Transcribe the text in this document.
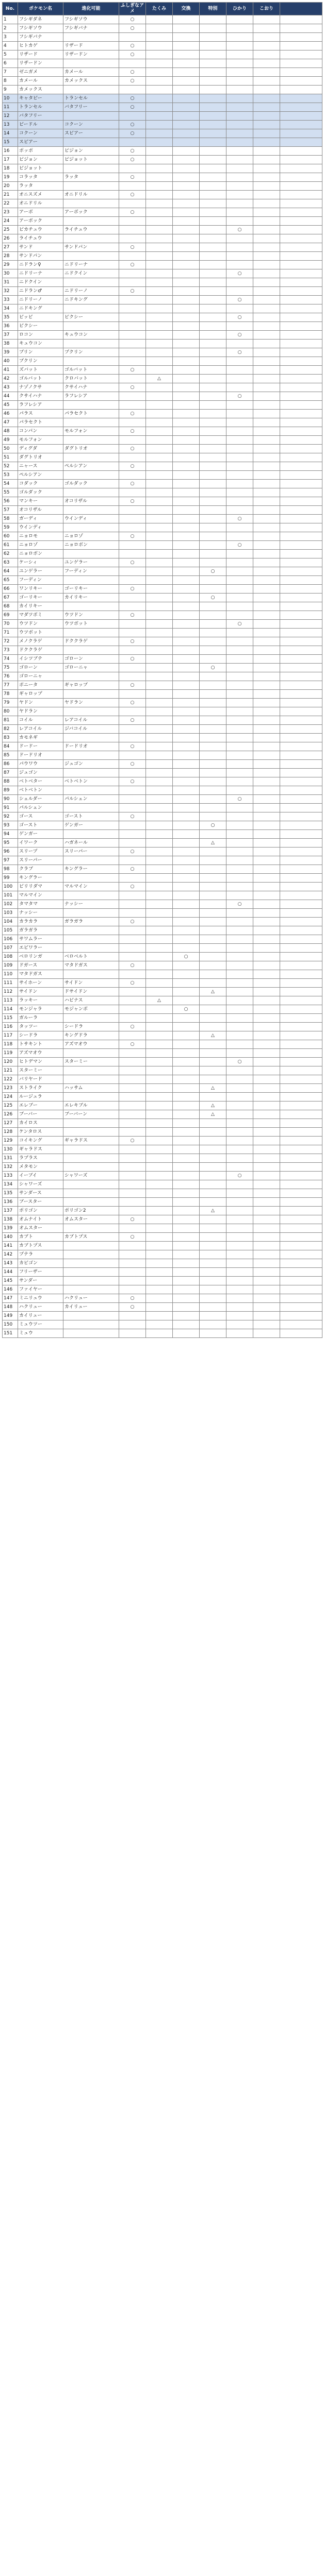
No.	ポケモン名	進化可能	ふしぎなアメ	たくみ	交換	特別	ひかり	こおり	
1	フシギダネ	フシギソウ	○						
2	フシギソウ	フシギバナ	○						
3	フシギバナ								
4	ヒトカゲ	リザード	○						
5	リザード	リザードン	○						
6	リザードン								
7	ゼニガメ	カメール	○						
8	カメール	カメックス	○						
9	カメックス								
10	キャタピー	トランセル	○						
11	トランセル	バタフリー	○						
12	バタフリー								
13	ビードル	コクーン	○						
14	コクーン	スピアー	○						
15	スピアー								
16	ポッポ	ピジョン	○						
17	ピジョン	ピジョット	○						
18	ピジョット								
19	コラッタ	ラッタ	○						
20	ラッタ								
21	オニスズメ	オニドリル	○						
22	オニドリル								
23	アーボ	アーボック	○						
24	アーボック								
25	ピカチュウ	ライチュウ					○		
26	ライチュウ								
27	サンド	サンドパン	○						
28	サンドパン								
29	ニドラン♀	ニドリーナ	○						
30	ニドリーナ	ニドクイン					○		
31	ニドクイン								
32	ニドラン♂	ニドリーノ	○						
33	ニドリーノ	ニドキング					○		
34	ニドキング								
35	ピッピ	ピクシー					○		
36	ピクシー								
37	ロコン	キュウコン					○		
38	キュウコン								
39	プリン	プクリン					○		
40	プクリン								
41	ズバット	ゴルバット	○						
42	ゴルバット	クロバット		△					
43	ナゾノクサ	クサイハナ	○						
44	クサイハナ	ラフレシア					○		
45	ラフレシア								
46	パラス	パラセクト	○						
47	パラセクト								
48	コンパン	モルフォン	○						
49	モルフォン								
50	ディグダ	ダグトリオ	○						
51	ダグトリオ								
52	ニャース	ペルシアン	○						
53	ペルシアン								
54	コダック	ゴルダック	○						
55	ゴルダック								
56	マンキー	オコリザル	○						
57	オコリザル								
58	ガーディ	ウインディ					○		
59	ウインディ								
60	ニョロモ	ニョロゾ	○						
61	ニョロゾ	ニョロボン					○		
62	ニョロボン								
63	ケーシィ	ユンゲラー	○						
64	ユンゲラー	フーディン				○			
65	フーディン								
66	ワンリキー	ゴーリキー	○						
67	ゴーリキー	カイリキー				○			
68	カイリキー								
69	マダツボミ	ウツドン	○						
70	ウツドン	ウツボット					○		
71	ウツボット								
72	メノクラゲ	ドククラゲ	○						
73	ドククラゲ								
74	イシツブテ	ゴローン	○						
75	ゴローン	ゴローニャ				○			
76	ゴローニャ								
77	ポニータ	ギャロップ	○						
78	ギャロップ								
79	ヤドン	ヤドラン	○						
80	ヤドラン								
81	コイル	レアコイル	○						
82	レアコイル	ジバコイル							
83	カモネギ								
84	ドードー	ドードリオ	○						
85	ドードリオ								
86	パウワウ	ジュゴン	○						
87	ジュゴン								
88	ベトベター	ベトベトン	○						
89	ベトベトン								
90	シェルダー	パルシェン					○		
91	パルシェン								
92	ゴース	ゴースト	○						
93	ゴースト	ゲンガー				○			
94	ゲンガー								
95	イワーク	ハガネール				△			
96	スリープ	スリーパー	○						
97	スリーパー								
98	クラブ	キングラー	○						
99	キングラー								
100	ビリリダマ	マルマイン	○						
101	マルマイン								
102	タマタマ	ナッシー					○		
103	ナッシー								
104	カラカラ	ガラガラ	○						
105	ガラガラ								
106	サワムラー								
107	エビワラー								
108	ベロリンガ	ベロベルト			○				
109	ドガース	マタドガス	○						
110	マタドガス								
111	サイホーン	サイドン	○						
112	サイドン	ドサイドン				△			
113	ラッキー	ハピナス		△					
114	モンジャラ	モジャンボ			○				
115	ガルーラ								
116	タッツー	シードラ	○						
117	シードラ	キングドラ				△			
118	トサキント	アズマオウ	○						
119	アズマオウ								
120	ヒトデマン	スターミー					○		
121	スターミー								
122	バリヤード								
123	ストライク	ハッサム				△			
124	ルージュラ								
125	エレブー	エレキブル				△			
126	ブーバー	ブーバーン				△			
127	カイロス								
128	ケンタロス								
129	コイキング	ギャラドス	○						
130	ギャラドス								
131	ラプラス								
132	メタモン								
133	イーブイ	シャワーズ					○		
134	シャワーズ								
135	サンダース								
136	ブースター								
137	ポリゴン	ポリゴン2				△			
138	オムナイト	オムスター	○						
139	オムスター								
140	カブト	カブトプス	○						
141	カブトプス								
142	プテラ								
143	カビゴン								
144	フリーザー								
145	サンダー								
146	ファイヤー								
147	ミニリュウ	ハクリュー	○						
148	ハクリュー	カイリュー	○						
149	カイリュー								
150	ミュウツー								
151	ミュウ								
